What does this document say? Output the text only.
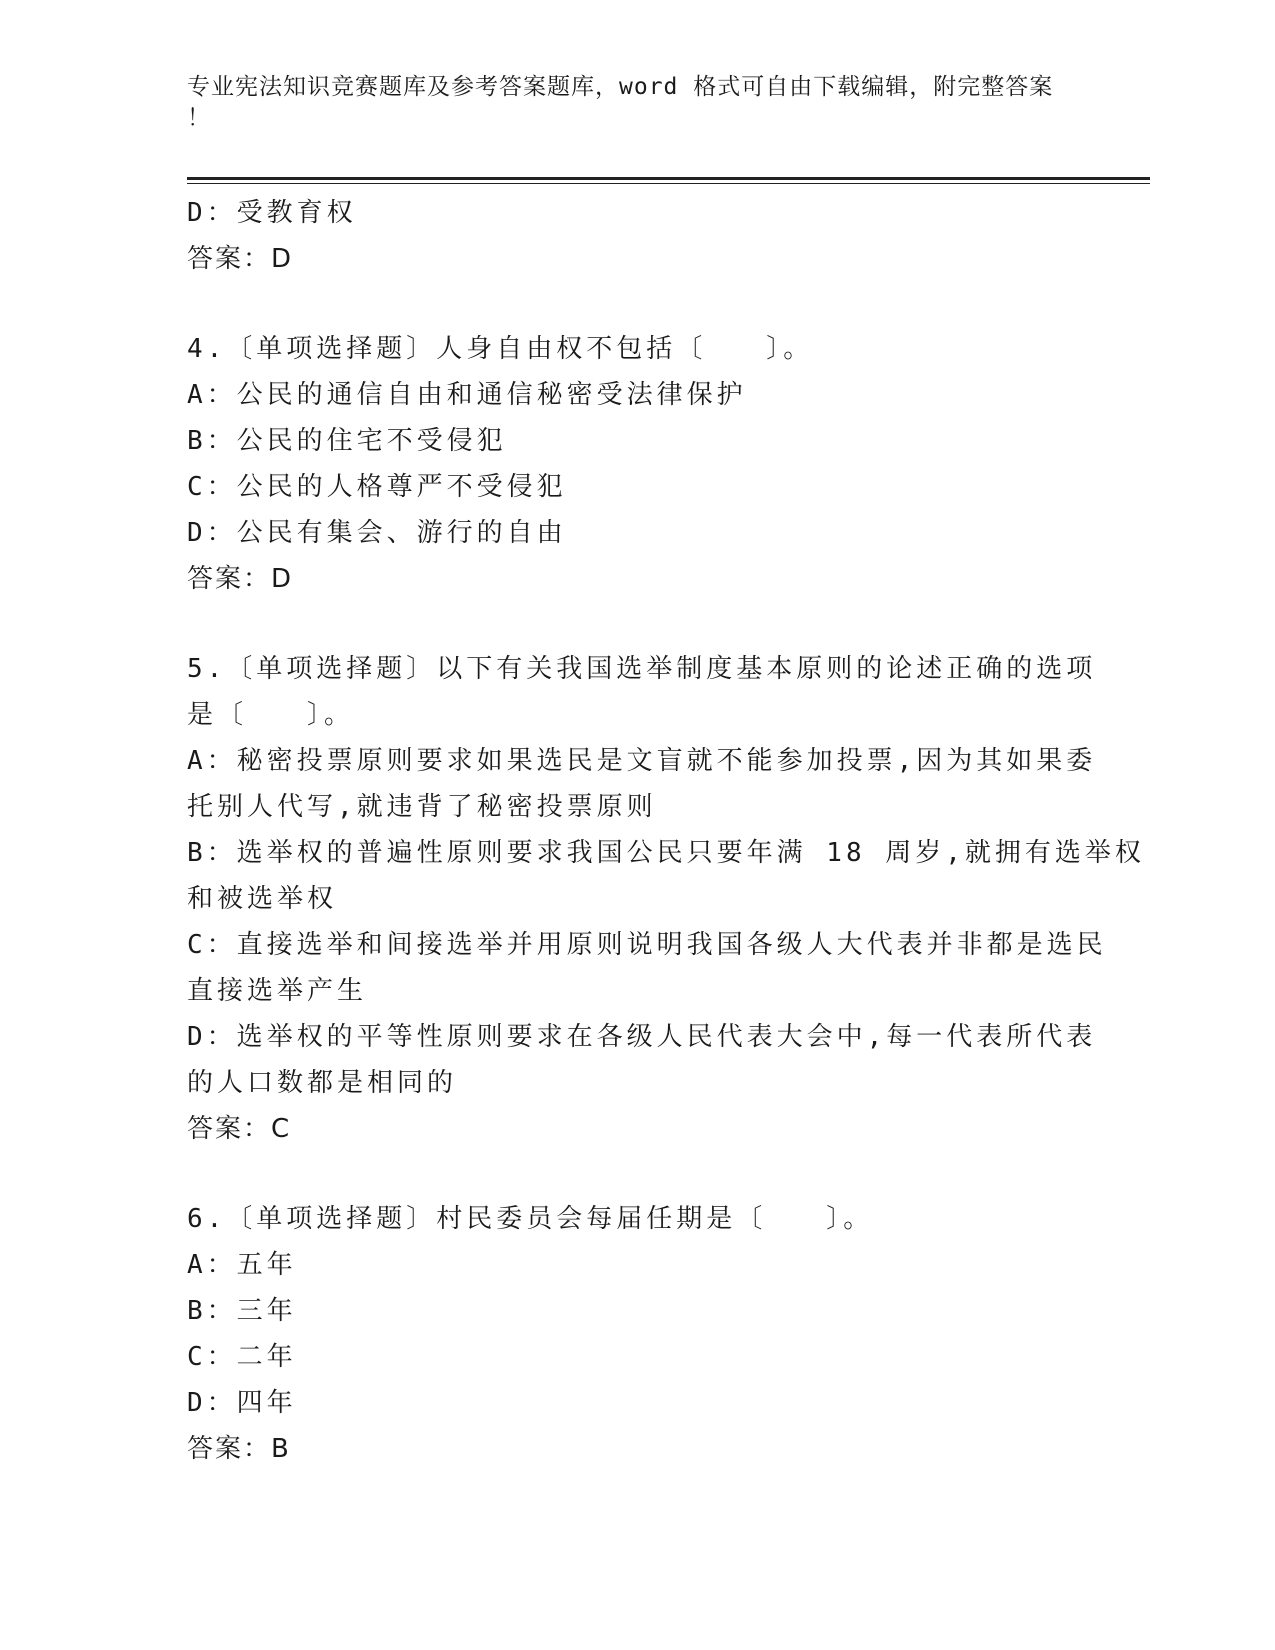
专业宪法知识竞赛题库及参考答案题库，word 格式可自由下载编辑，附完整答案
！

D：受教育权

答案：D

4.〔单项选择题〕人身自由权不包括〔　　〕。

A：公民的通信自由和通信秘密受法律保护

B：公民的住宅不受侵犯

C：公民的人格尊严不受侵犯

D：公民有集会、游行的自由

答案：D

5.〔单项选择题〕以下有关我国选举制度基本原则的论述正确的选项

是〔　　〕。

A：秘密投票原则要求如果选民是文盲就不能参加投票,因为其如果委

托别人代写,就违背了秘密投票原则

B：选举权的普遍性原则要求我国公民只要年满 18 周岁,就拥有选举权

和被选举权

C：直接选举和间接选举并用原则说明我国各级人大代表并非都是选民

直接选举产生

D：选举权的平等性原则要求在各级人民代表大会中,每一代表所代表

的人口数都是相同的

答案：C

6.〔单项选择题〕村民委员会每届任期是〔　　〕。

A：五年

B：三年

C：二年

D：四年

答案：B
